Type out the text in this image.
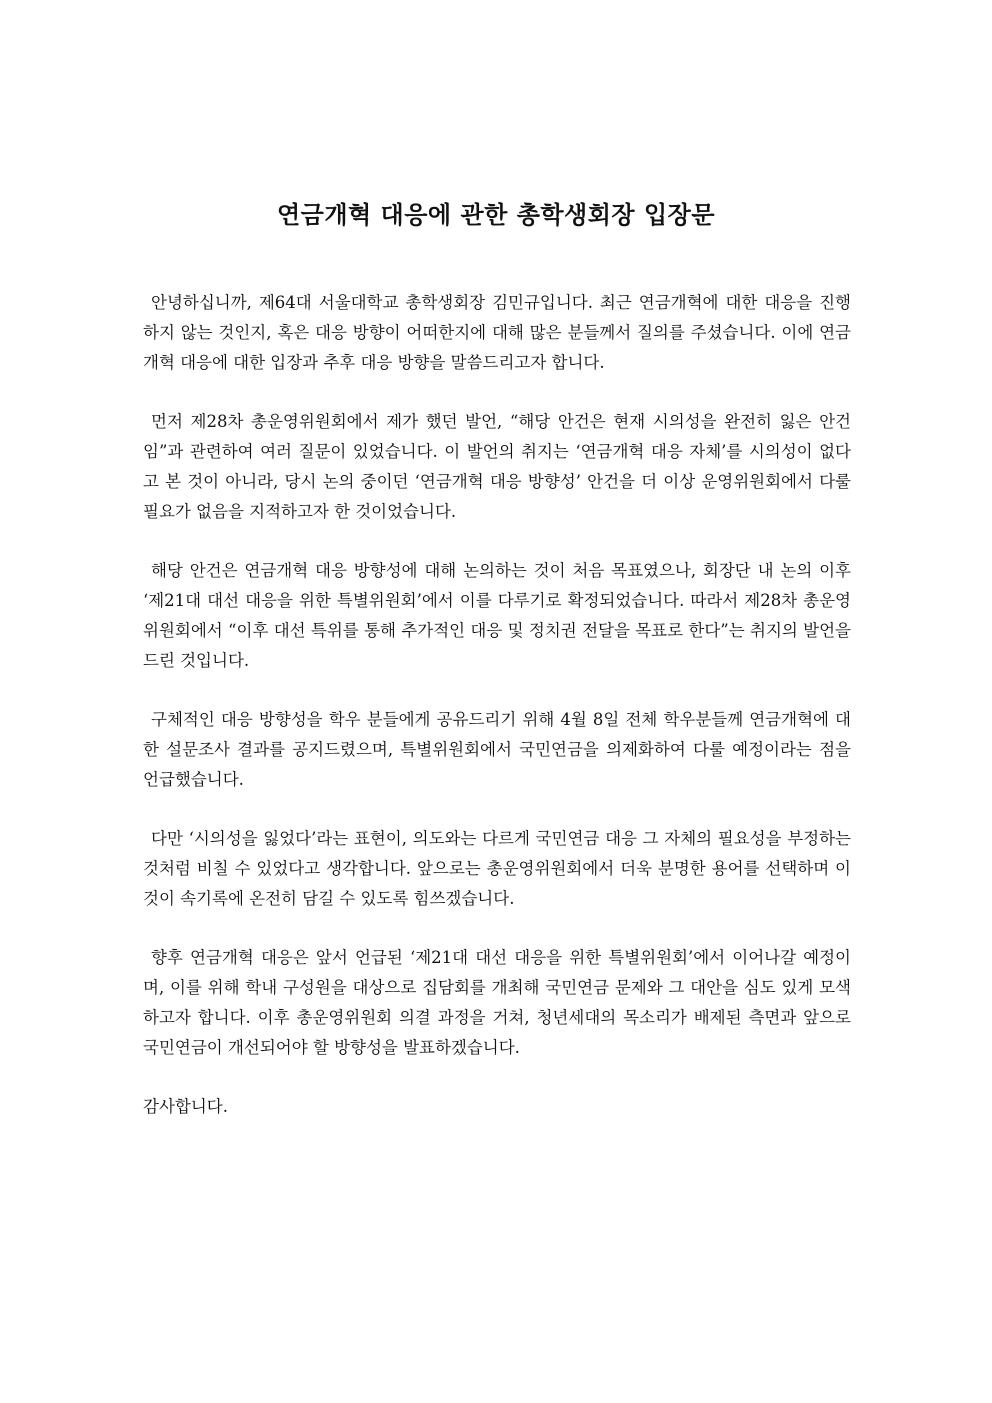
연금개혁 대응에 관한 총학생회장 입장문

안녕하십니까, 제64대 서울대학교 총학생회장 김민규입니다. 최근 연금개혁에 대한 대응을 진행하지 않는 것인지, 혹은 대응 방향이 어떠한지에 대해 많은 분들께서 질의를 주셨습니다. 이에 연금개혁 대응에 대한 입장과 추후 대응 방향을 말씀드리고자 합니다.

먼저 제28차 총운영위원회에서 제가 했던 발언, “해당 안건은 현재 시의성을 완전히 잃은 안건임”과 관련하여 여러 질문이 있었습니다. 이 발언의 취지는 ‘연금개혁 대응 자체’를 시의성이 없다고 본 것이 아니라, 당시 논의 중이던 ‘연금개혁 대응 방향성’ 안건을 더 이상 운영위원회에서 다룰 필요가 없음을 지적하고자 한 것이었습니다.

해당 안건은 연금개혁 대응 방향성에 대해 논의하는 것이 처음 목표였으나, 회장단 내 논의 이후 ‘제21대 대선 대응을 위한 특별위원회’에서 이를 다루기로 확정되었습니다. 따라서 제28차 총운영위원회에서 “이후 대선 특위를 통해 추가적인 대응 및 정치권 전달을 목표로 한다”는 취지의 발언을 드린 것입니다.

구체적인 대응 방향성을 학우 분들에게 공유드리기 위해 4월 8일 전체 학우분들께 연금개혁에 대한 설문조사 결과를 공지드렸으며, 특별위원회에서 국민연금을 의제화하여 다룰 예정이라는 점을 언급했습니다.

다만 ‘시의성을 잃었다’라는 표현이, 의도와는 다르게 국민연금 대응 그 자체의 필요성을 부정하는 것처럼 비칠 수 있었다고 생각합니다. 앞으로는 총운영위원회에서 더욱 분명한 용어를 선택하며 이것이 속기록에 온전히 담길 수 있도록 힘쓰겠습니다.

향후 연금개혁 대응은 앞서 언급된 ‘제21대 대선 대응을 위한 특별위원회’에서 이어나갈 예정이며, 이를 위해 학내 구성원을 대상으로 집담회를 개최해 국민연금 문제와 그 대안을 심도 있게 모색하고자 합니다. 이후 총운영위원회 의결 과정을 거쳐, 청년세대의 목소리가 배제된 측면과 앞으로 국민연금이 개선되어야 할 방향성을 발표하겠습니다.

감사합니다.
